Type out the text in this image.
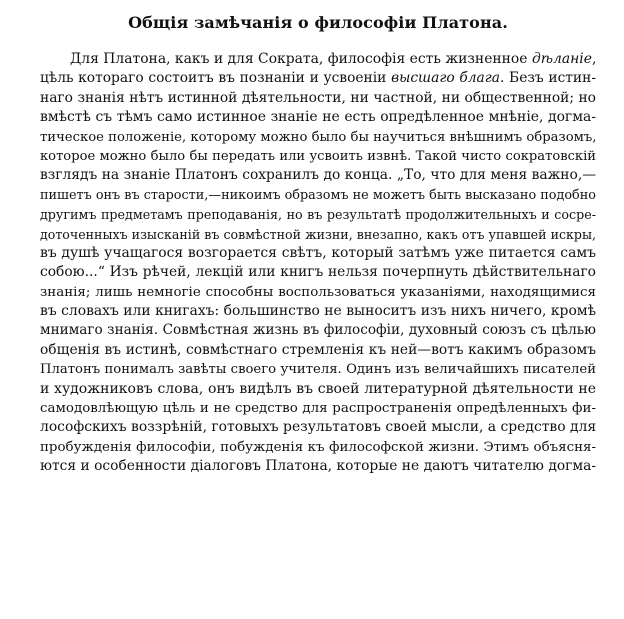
Общія замѣчанія о философіи Платона.
Для Платона, какъ и для Сократа, философія есть жизненное дѣланіе,
цѣль котораго состоитъ въ познаніи и усвоеніи высшаго блага. Безъ истин-
наго знанія нѣтъ истинной дѣятельности, ни частной, ни общественной; но
вмѣстѣ съ тѣмъ само истинное знаніе не есть опредѣленное мнѣніе, догма-
тическое положеніе, которому можно было бы научиться внѣшнимъ образомъ,
которое можно было бы передать или усвоить извнѣ. Такой чисто сократовскій
взглядъ на знаніе Платонъ сохранилъ до конца. „То, что для меня важно,—
пишетъ онъ въ старости,—никоимъ образомъ не можетъ быть высказано подобно
другимъ предметамъ преподаванія, но въ результатѣ продолжительныхъ и сосре-
доточенныхъ изысканій въ совмѣстной жизни, внезапно, какъ отъ упавшей искры,
въ душѣ учащагося возгорается свѣтъ, который затѣмъ уже питается самъ
собою...“ Изъ рѣчей, лекцій или книгъ нельзя почерпнуть дѣйствительнаго
знанія; лишь немногіе способны воспользоваться указаніями, находящимися
въ словахъ или книгахъ: большинство не выноситъ изъ нихъ ничего, кромѣ
мнимаго знанія. Совмѣстная жизнь въ философіи, духовный союзъ съ цѣлью
общенія въ истинѣ, совмѣстнаго стремленія къ ней—вотъ какимъ образомъ
Платонъ понималъ завѣты своего учителя. Одинъ изъ величайшихъ писателей
и художниковъ слова, онъ видѣлъ въ своей литературной дѣятельности не
самодовлѣющую цѣль и не средство для распространенія опредѣленныхъ фи-
лософскихъ воззрѣній, готовыхъ результатовъ своей мысли, а средство для
пробужденія философіи, побужденія къ философской жизни. Этимъ объясня-
ются и особенности діалоговъ Платона, которые не даютъ читателю догма-
